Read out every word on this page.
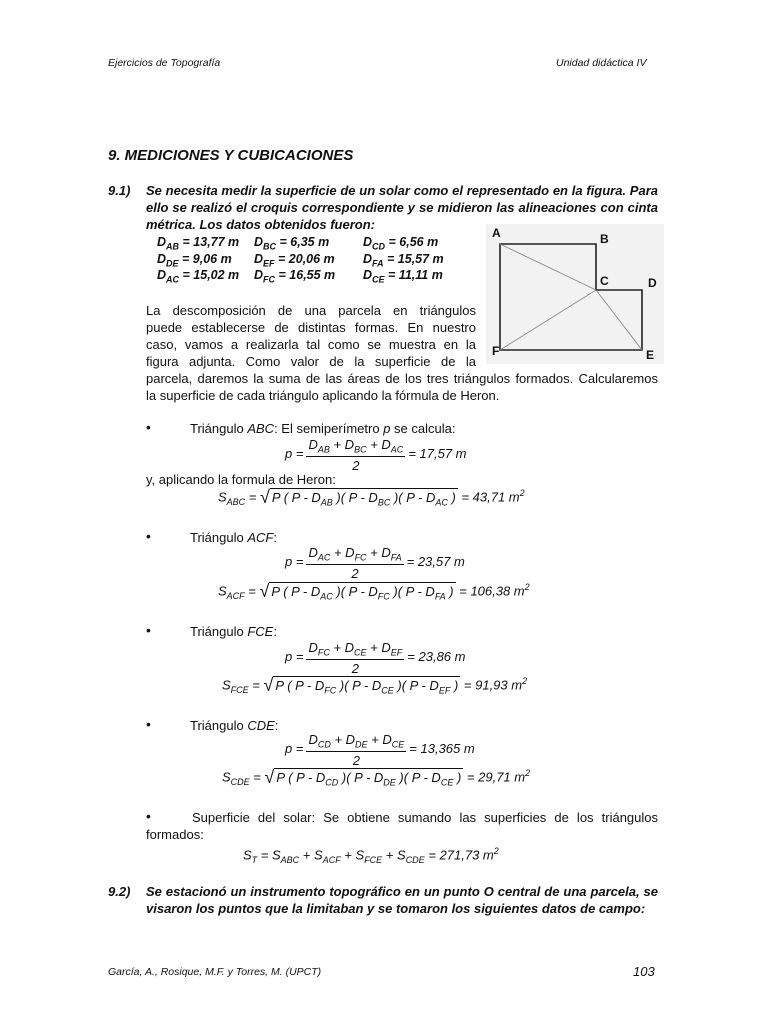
Ejercicios de Topografía	Unidad didáctica IV
9. MEDICIONES Y CUBICACIONES
9.1) Se necesita medir la superficie de un solar como el representado en la figura. Para
ello se realizó el croquis correspondiente y se midieron las alineaciones con cinta
métrica. Los datos obtenidos fueron:
$D_{AB} = 13,77$ m $D_{BC} = 6,35$ m	$D_{CD} = 6,56$ m
$D_{DE} = 9,06$ m $D_{EF} = 20,06$ m $D_{FA} = 15,57$ m
$D_{AC} = 15,02$ m $D_{FC} = 16,55$ m $D_{CE} = 11,11$ m
A	B
C	D
E
F
La descomposición de una parcela en triángulos
puede establecerse de distintas formas. En nuestro
caso, vamos a realizarla tal como se muestra en la
figura adjunta. Como valor de la superficie de la
parcela, daremos la suma de las áreas de los tres triángulos formados. Calcularemos
la superficie de cada triángulo aplicando la fórmula de Heron.
•	Triángulo ABC: El semiperímetro p se calcula:
$p = \frac{D_{AB} + D_{BC} + D_{AC}}{2} = 17,57$ m
y, aplicando la formula de Heron:
$S_{ABC}$ = √ P ( P - $D_{AB}$ )( P - $D_{BC}$ )( P - $D_{AC}$ ) = 43,71 $m^2$
•	Triángulo ACF:
$p = \frac{D_{AC} + D_{FC} + D_{FA}}{2} = 23,57$ m
$S_{ACF}$ = √ P ( P - $D_{AC}$ )( P - $D_{FC}$ )( P - $D_{FA}$ ) = 106,38 $m^2$
•	Triángulo FCE:
$p = \frac{D_{FC} + D_{CE} + D_{EF}}{2} = 23,86$ m
$S_{FCE}$ = √ P ( P - $D_{FC}$ )( P - $D_{CE}$ )( P - $D_{EF}$ ) = 91,93 $m^2$
•	Triángulo CDE:
$p = \frac{D_{CD} + D_{DE} + D_{CE}}{2} = 13,365$ m
$S_{CDE}$ = √ P ( P - $D_{CD}$ )( P - $D_{DE}$ )( P - $D_{CE}$ ) = 29,71 $m^2$
•	Superficie del solar: Se obtiene sumando las superficies de los triángulos
formados:
$S_T = S_{ABC} + S_{ACF} + S_{FCE} + S_{CDE} = 271,73$ $m^2$
9.2) Se estacionó un instrumento topográfico en un punto O central de una parcela, se
visaron los puntos que la limitaban y se tomaron los siguientes datos de campo:
García, A., Rosique, M.F. y Torres, M. (UPCT)	103
